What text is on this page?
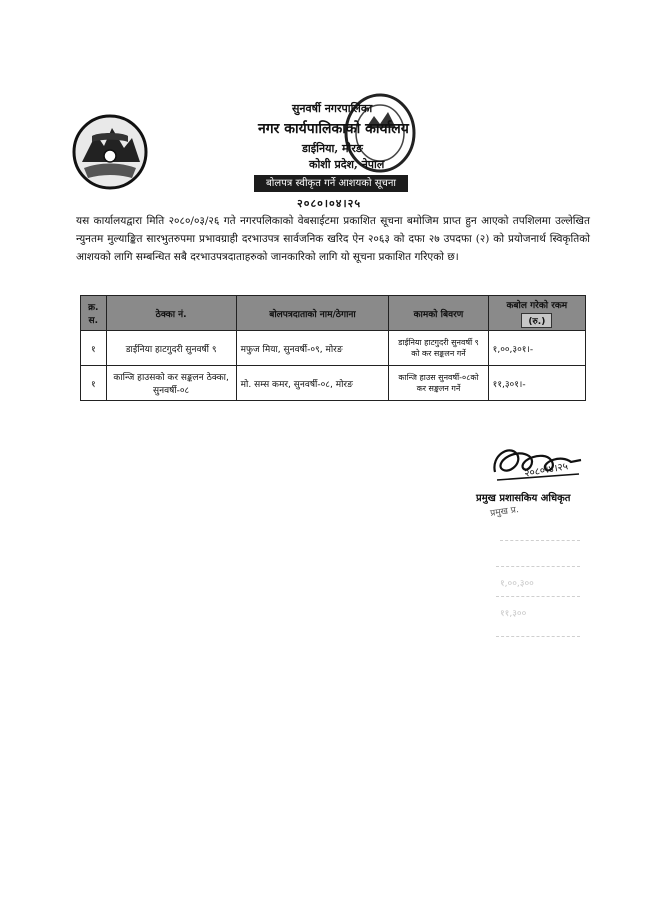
सुनवर्षी नगरपालिका
नगर कार्यपालिकाको कार्यालय
डाईनिया, मोरङ
कोशी प्रदेश, नेपाल
बोलपत्र स्वीकृत गर्ने आशयको सूचना
२०८०।०४।२५
यस कार्यालयद्वारा मिति २०८०/०३/२६ गते नगरपलिकाको वेबसाईटमा प्रकाशित सूचना बमोजिम प्राप्त हुन आएको तपशिलमा उल्लेखित न्युनतम मुल्याङ्कित सारभुतरुपमा प्रभावग्राही दरभाउपत्र सार्वजनिक खरिद ऐन २०६३ को दफा २७ उपदफा (२) को प्रयोजनार्थ स्विकृतिको आशयको लागि सम्बन्धित सबै दरभाउपत्रदाताहरुको जानकारिको लागि यो सूचना प्रकाशित गरिएको छ।
क्र. स.	ठेक्का नं.	बोलपत्रदाताको नाम/ठेगाना	कामको बिवरण	कबोल गरेको रकम
(रु.)
१	डाईनिया हाटगुदरी सुनवर्षी ९	मफुज मिया, सुनवर्षी-०९, मोरङ	डाईनिया हाटगुदरी सुनवर्षी ९ को कर सङ्कलन गर्ने	१,००,३०१।-
१	कान्जि हाउसको कर सङ्कलन ठेक्का, सुनवर्षी-०८	मो. सम्स कमर, सुनवर्षी-०८, मोरङ	कान्जि हाउस सुनवर्षी-०८को कर सङ्कलन गर्ने	११,३०१।-
२०८०।४।२५
प्रमुख प्रशासकिय अधिकृत
प्रमुख प्र.
१,००,३००
११,३००
